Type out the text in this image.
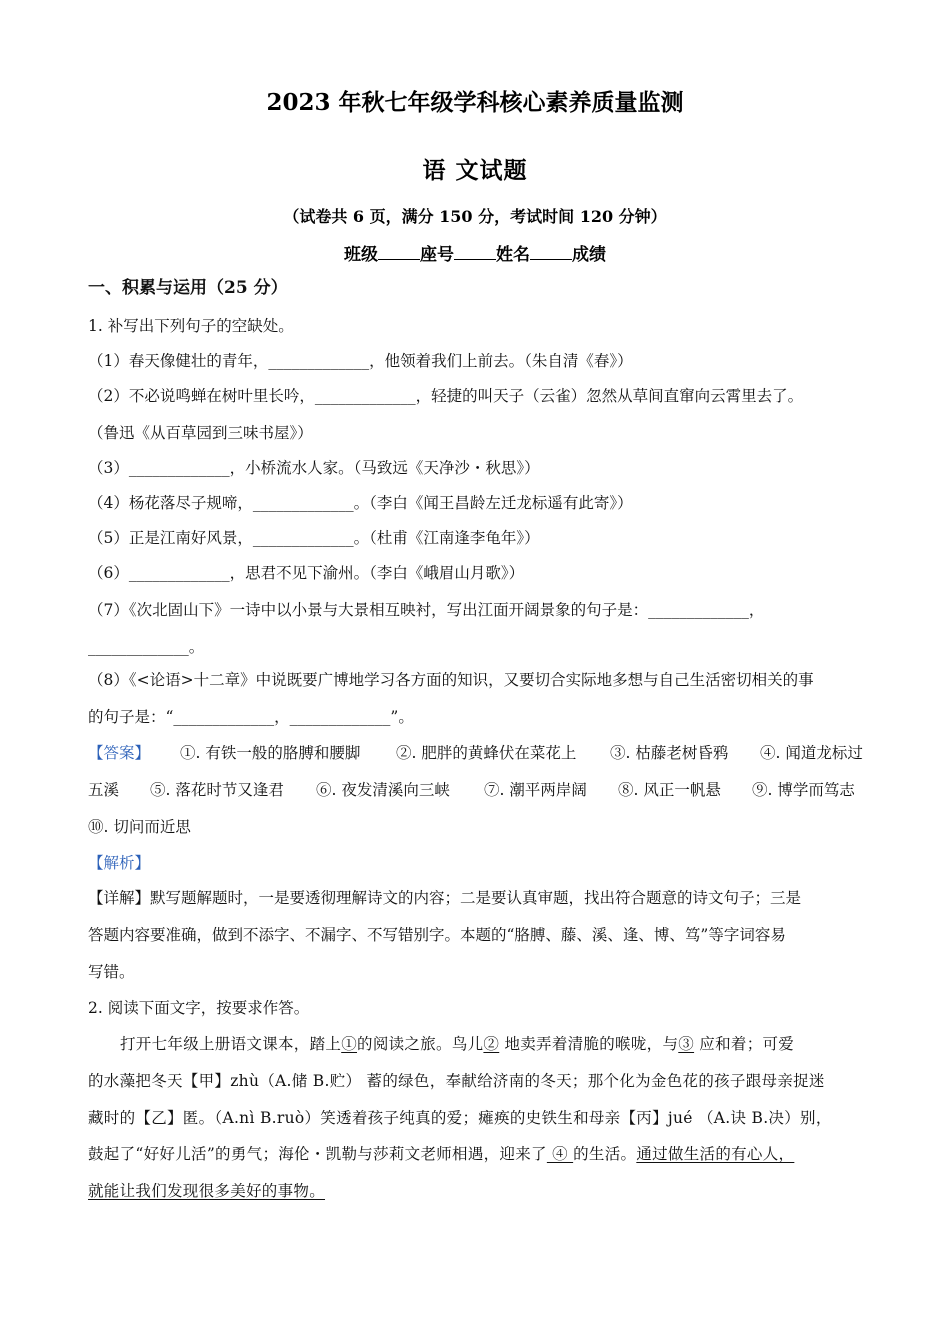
2023 年秋七年级学科核心素养质量监测
语 文试题
（试卷共 6 页，满分 150 分，考试时间 120 分钟）
班级 座号 姓名 成绩
一、积累与运用（25 分）
1. 补写出下列句子的空缺处。
（1）春天像健壮的青年，_____________，他领着我们上前去。（朱自清《春》）
（2）不必说鸣蝉在树叶里长吟，_____________，轻捷的叫天子（云雀）忽然从草间直窜向云霄里去了。
（鲁迅《从百草园到三味书屋》）
（3）_____________，小桥流水人家。（马致远《天净沙・秋思》）
（4）杨花落尽子规啼，_____________。（李白《闻王昌龄左迁龙标遥有此寄》）
（5）正是江南好风景，_____________。（杜甫《江南逢李龟年》）
（6）_____________，思君不见下渝州。（李白《峨眉山月歌》）
（7）《次北固山下》一诗中以小景与大景相互映衬，写出江面开阔景象的句子是：_____________，
_____________。
（8）《<论语>十二章》中说既要广博地学习各方面的知识，又要切合实际地多想与自己生活密切相关的事
的句子是：“_____________，_____________”。
【答案】 ①. 有铁一般的胳膊和腰脚 ②. 肥胖的黄蜂伏在菜花上 ③. 枯藤老树昏鸦 ④. 闻道龙标过
五溪 ⑤. 落花时节又逢君 ⑥. 夜发清溪向三峡 ⑦. 潮平两岸阔 ⑧. 风正一帆悬 ⑨. 博学而笃志
⑩. 切问而近思
【解析】
【详解】默写题解题时，一是要透彻理解诗文的内容；二是要认真审题，找出符合题意的诗文句子；三是
答题内容要准确，做到不添字、不漏字、不写错别字。本题的“胳膊、藤、溪、逢、博、笃”等字词容易
写错。
2. 阅读下面文字，按要求作答。
打开七年级上册语文课本，踏上①的阅读之旅。鸟儿② 地卖弄着清脆的喉咙，与③ 应和着；可爱
的水藻把冬天【甲】zhù（A.储 B.贮） 蓄的绿色，奉献给济南的冬天；那个化为金色花的孩子跟母亲捉迷
藏时的【乙】匿。（A.nì B.ruò）笑透着孩子纯真的爱；瘫痪的史铁生和母亲【丙】jué （A.诀 B.决）别，
鼓起了“好好儿活”的勇气；海伦・凯勒与莎莉文老师相遇，迎来了 ④ 的生活。通过做生活的有心人，
就能让我们发现很多美好的事物。
